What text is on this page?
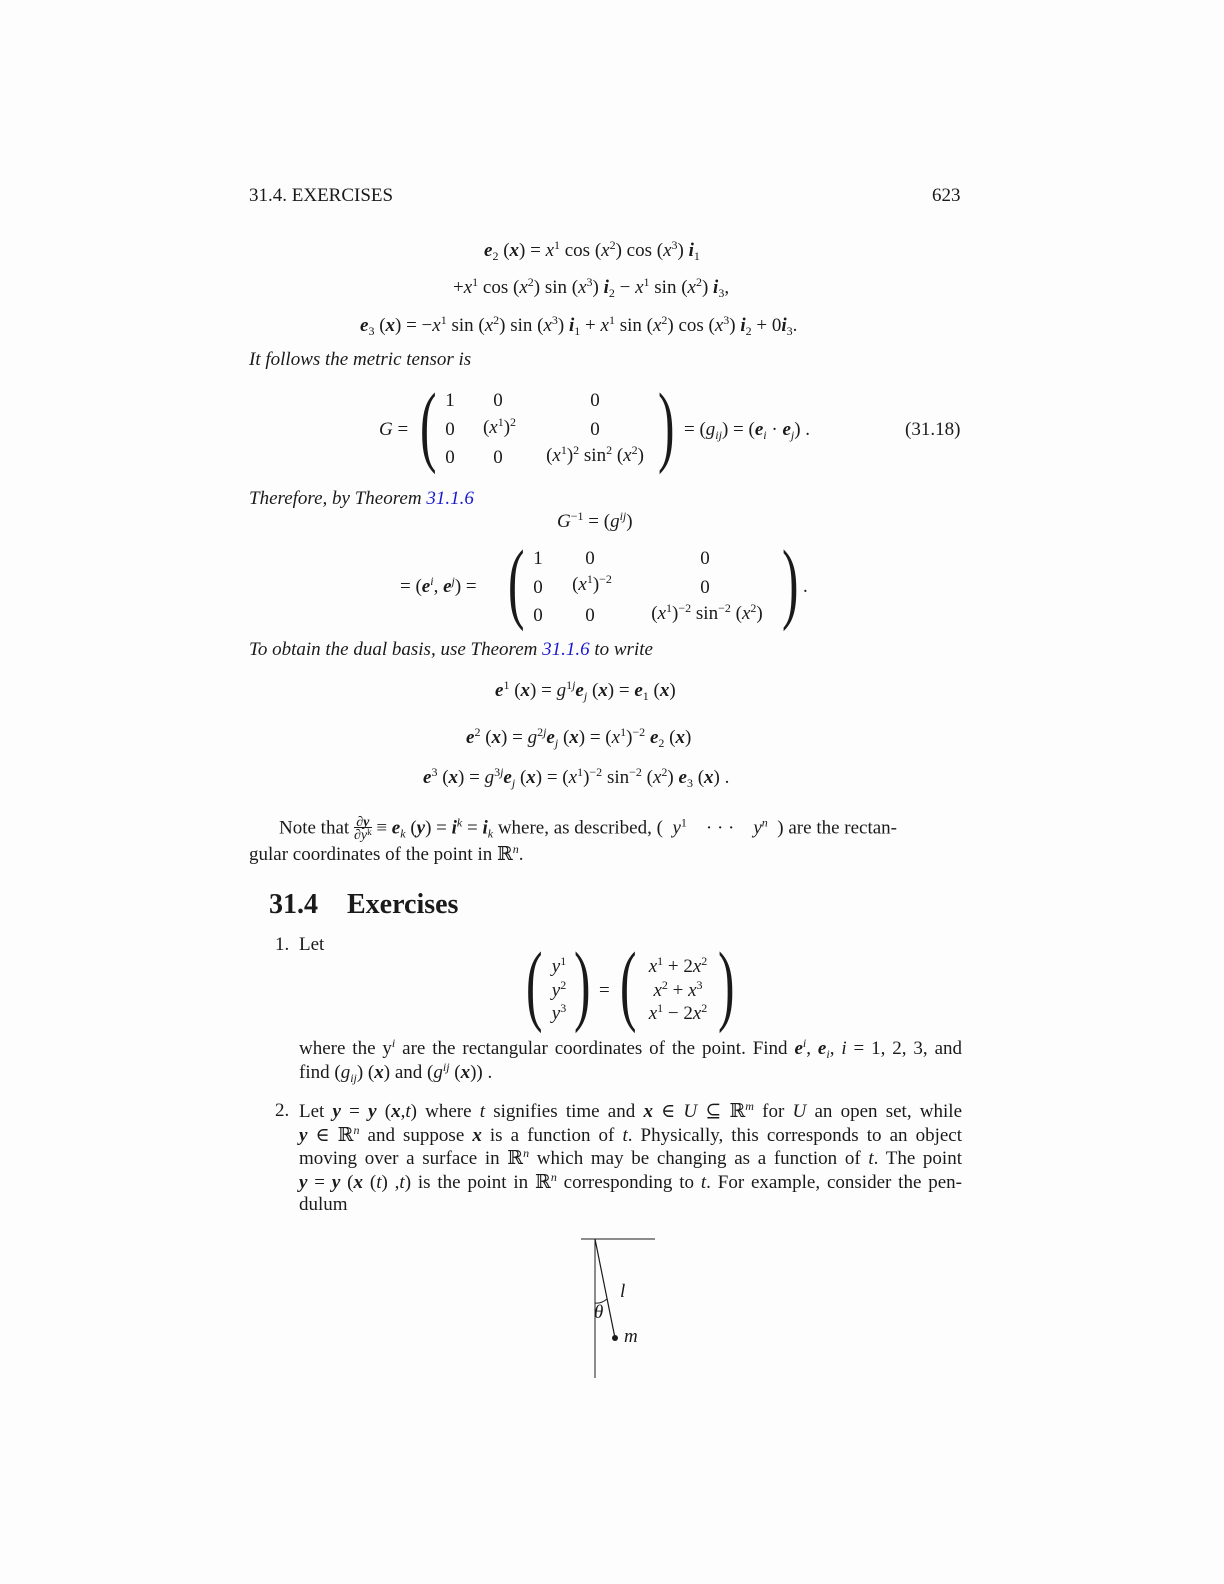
31.4. EXERCISES	623
$e_2$ $(x) = x^1$ $\cos (x^2)$ $\cos (x^3)$ $i_1$
$+x^1$ $\cos (x^2)$ $\sin (x^3) i_2 - x^1$ $\sin (x^2)$ $i_3$,
$e_3$ $(x) = -x^1$ $\sin (x^2)$ $\sin (x^3) i_1 + x^1$ $\sin (x^2)$ $\cos (x^3) i_2 + 0i_3$.
It follows the metric tensor is
G = ( 1	0	0
0	$(x^1)^2$	0
0	0	$(x^1)^2$ $\sin^2 (x^2)$ ) = $(g_{ij}) = (e_i \cdot e_j)$ .	(31.18)
Therefore, by Theorem 31.1.6
$G^{-1} = (g^{ij})$
= ($e^i$, $e^j$) = ( 1	0	0
0	$(x^1)^{-2}$	0
0	0	$(x^1)^{-2}$ $\sin^{-2} (x^2)$ ) .
To obtain the dual basis, use Theorem 31.1.6 to write
$e^1$ $(x) = g^{1j}e_j$ $(x) = e_1$ (x)
$e^2$ $(x) = g^{2j}e_j$ $(x) = (x^1)^{-2}$ $e_2$ (x)
$e^3$ $(x) = g^{3j}e_j$ $(x) = (x^1)^{-2}$ $\sin^{-2} (x^2)$ $e_3$ (x) .
Note that $\frac{\partial y}{\partial y^k} \equiv e_k$ $(y) = i^k = i_k$ where, as described, (  $y^1$    · · ·    $y^n$  ) are the rectan-
gular coordinates of the point in ℝ$^n$.
31.4 Exercises
1. Let ( $y^1$
$y^2$
$y^3$ ) = ( $x^1 + 2x^2$
$x^2 + x^3$
$x^1 - 2x^2$ )
where the $y^i$ are the rectangular coordinates of the point. Find $e^i$, $e_i$, i = 1, 2, 3, and
find $(g_{ij})$ (x) and ($g^{ij}$ (x)) .
2. Let y = y (x,t) where t signifies time and x ∈ U ⊆ ℝ$^m$ for U an open set, while
y ∈ ℝ$^n$ and suppose x is a function of t. Physically, this corresponds to an object
moving over a surface in ℝ$^n$ which may be changing as a function of t. The point
y = y (x (t) ,t) is the point in ℝ$^n$ corresponding to t. For example, consider the pen-
dulum
l
θ
m
